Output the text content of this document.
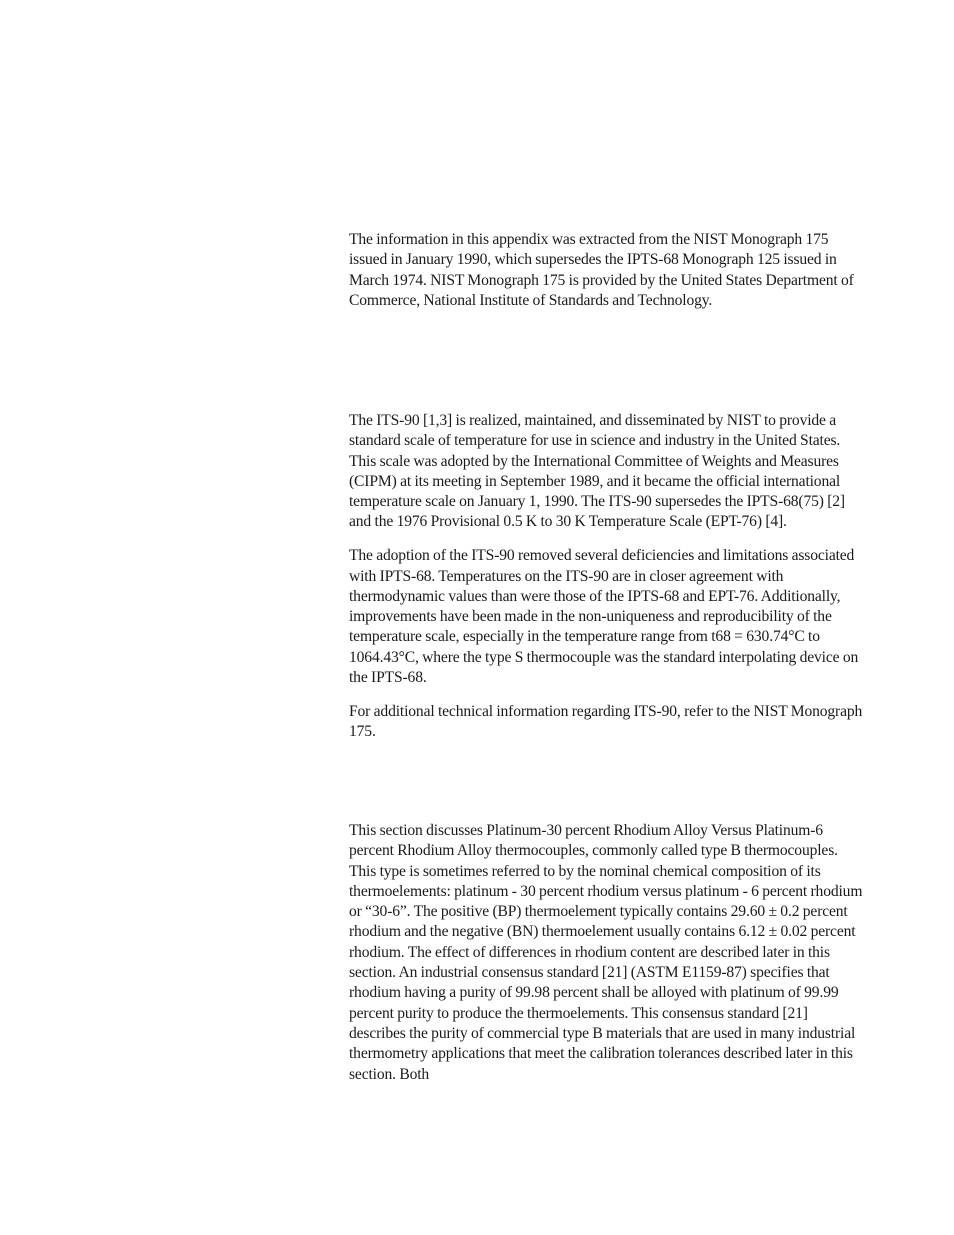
The information in this appendix was extracted from the NIST Monograph 175 issued in January 1990, which supersedes the IPTS-68 Monograph 125 issued in March 1974. NIST Monograph 175 is provided by the United States Department of Commerce, National Institute of Standards and Technology.

The ITS-90 [1,3] is realized, maintained, and disseminated by NIST to provide a standard scale of temperature for use in science and industry in the United States. This scale was adopted by the International Committee of Weights and Measures (CIPM) at its meeting in September 1989, and it became the official international temperature scale on January 1, 1990. The ITS-90 supersedes the IPTS-68(75) [2] and the 1976 Provisional 0.5 K to 30 K Temperature Scale (EPT-76) [4].

The adoption of the ITS-90 removed several deficiencies and limitations associated with IPTS-68. Temperatures on the ITS-90 are in closer agreement with thermodynamic values than were those of the IPTS-68 and EPT-76. Additionally, improvements have been made in the non-uniqueness and reproducibility of the temperature scale, especially in the temperature range from t68 = 630.74°C to 1064.43°C, where the type S thermocouple was the standard interpolating device on the IPTS-68.

For additional technical information regarding ITS-90, refer to the NIST Monograph 175.

This section discusses Platinum-30 percent Rhodium Alloy Versus Platinum-6 percent Rhodium Alloy thermocouples, commonly called type B thermocouples. This type is sometimes referred to by the nominal chemical composition of its thermoelements: platinum - 30 percent rhodium versus platinum - 6 percent rhodium or “30-6”. The positive (BP) thermoelement typically contains 29.60 ± 0.2 percent rhodium and the negative (BN) thermoelement usually contains 6.12 ± 0.02 percent rhodium. The effect of differences in rhodium content are described later in this section. An industrial consensus standard [21] (ASTM E1159-87) specifies that rhodium having a purity of 99.98 percent shall be alloyed with platinum of 99.99 percent purity to produce the thermoelements. This consensus standard [21] describes the purity of commercial type B materials that are used in many industrial thermometry applications that meet the calibration tolerances described later in this section. Both
